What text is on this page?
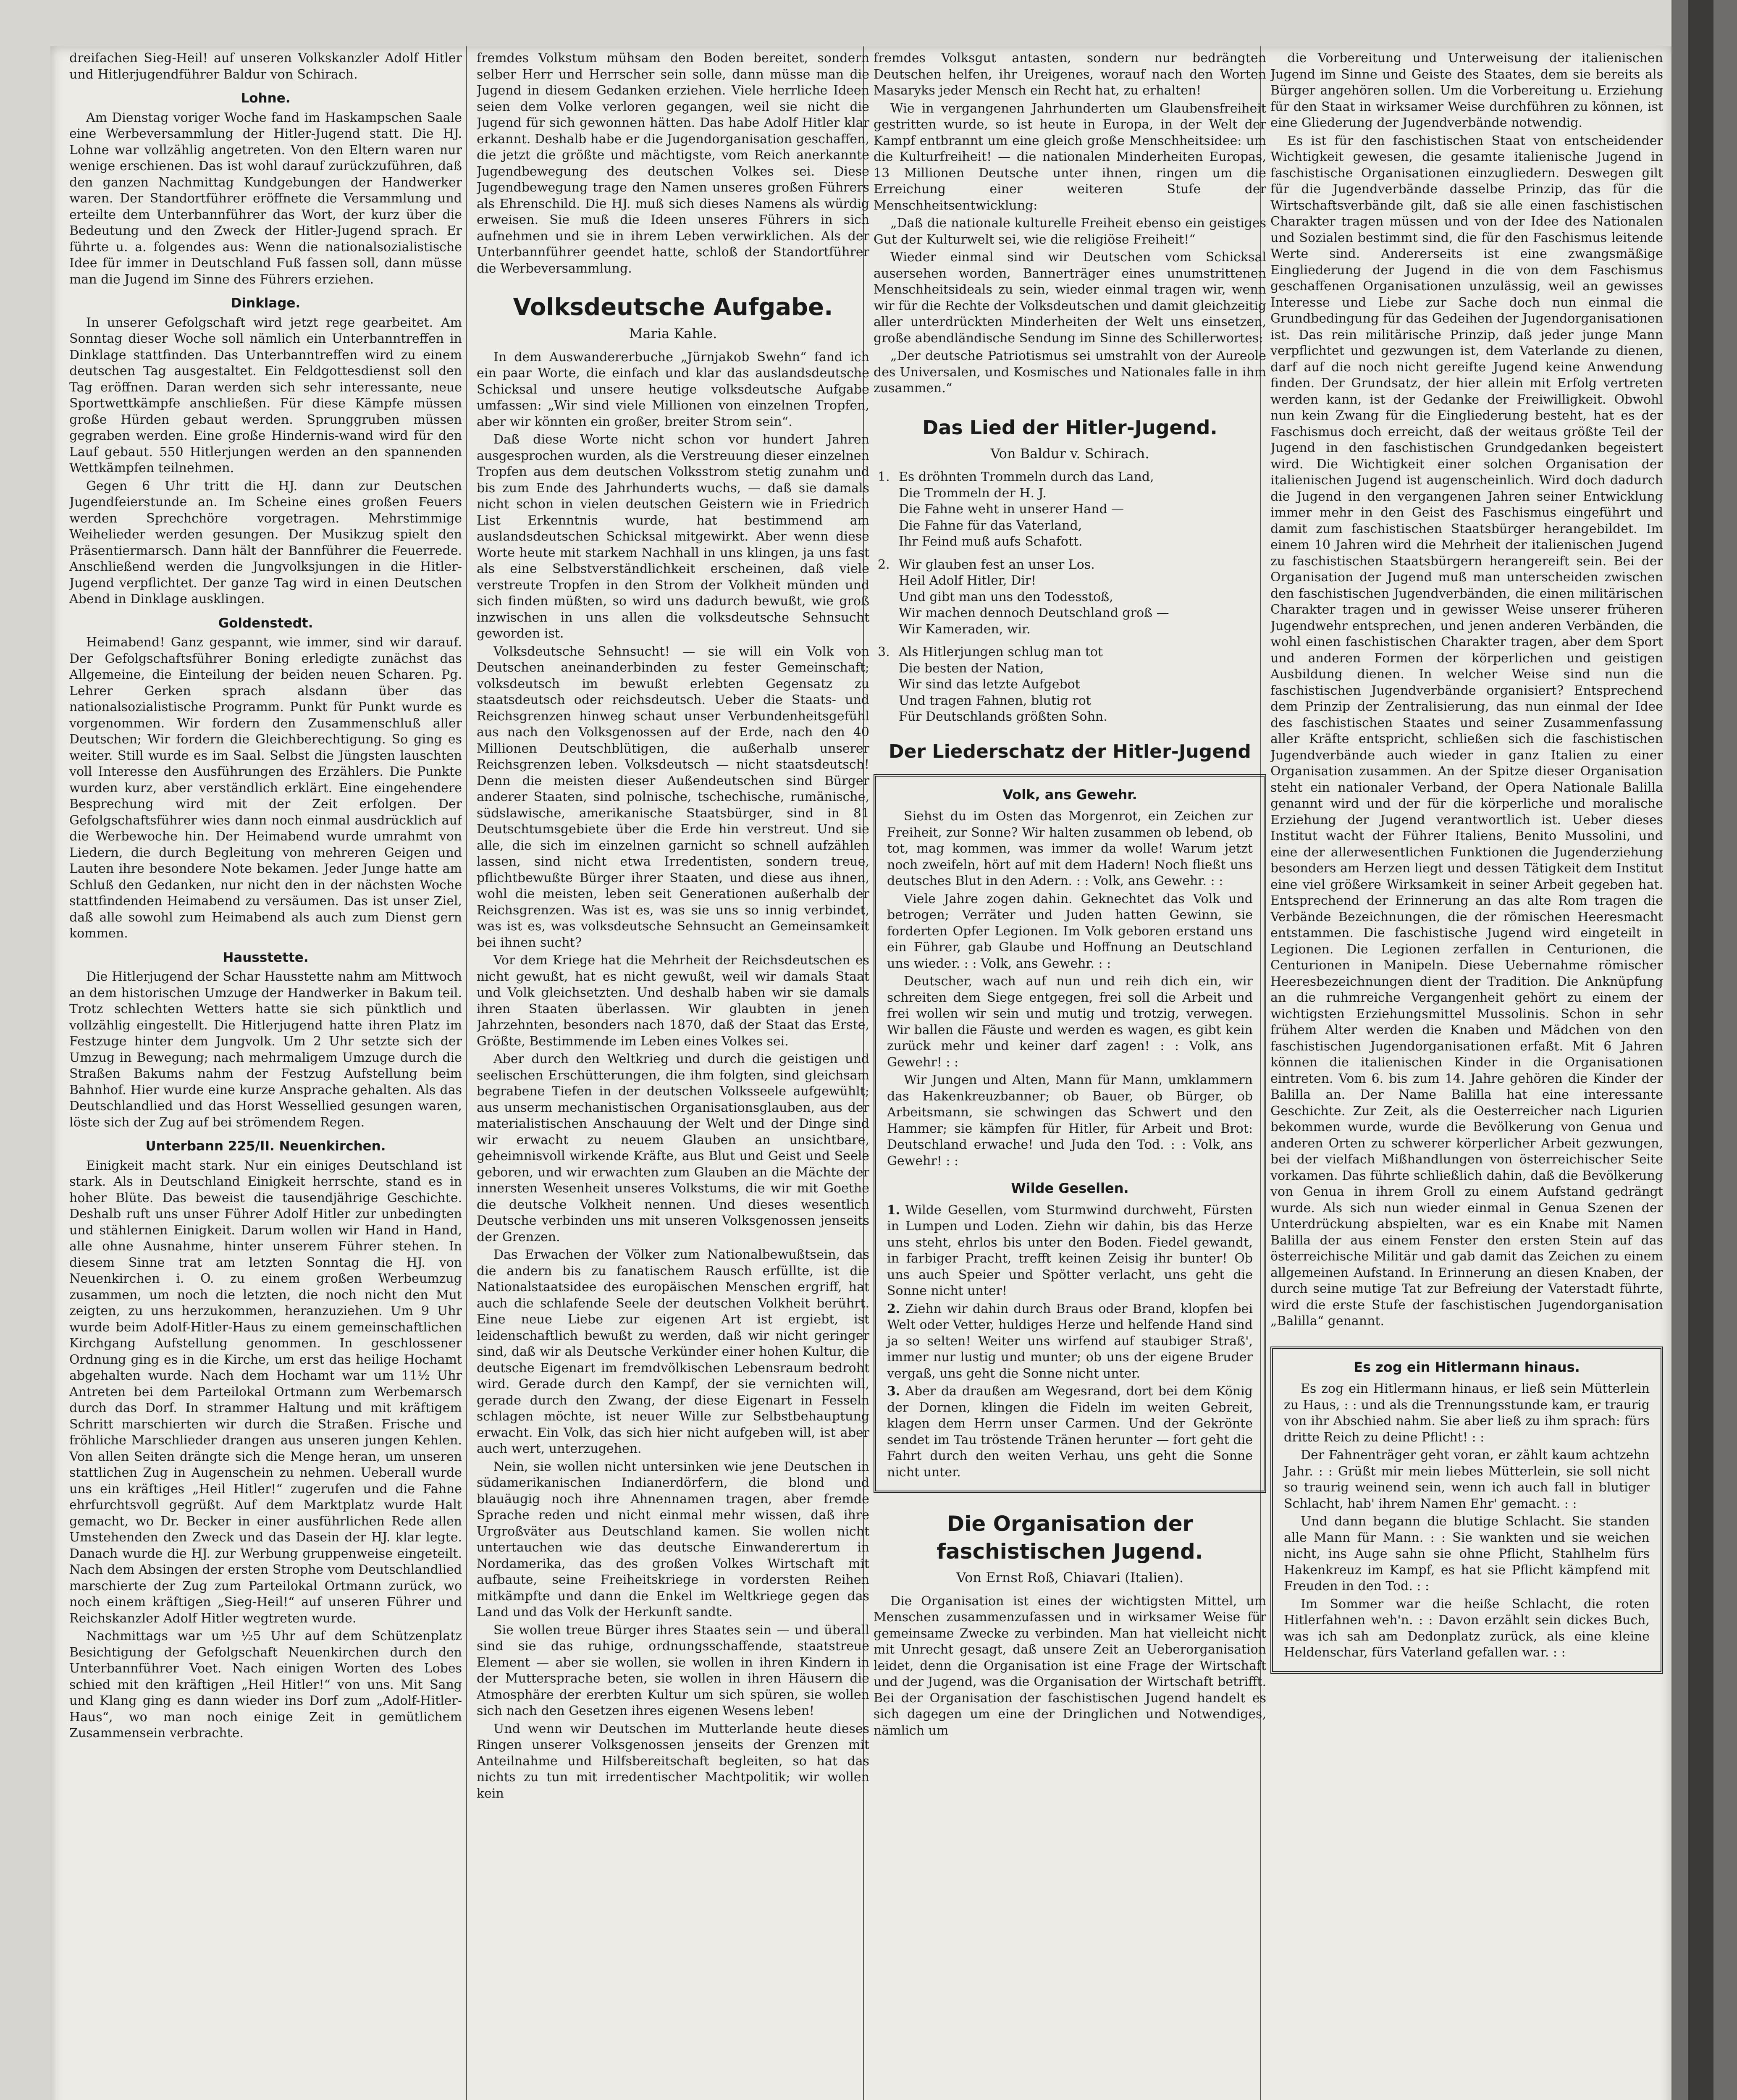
dreifachen Sieg-Heil! auf unseren Volkskanzler Adolf Hitler und Hitlerjugendführer Baldur von Schirach.

Lohne.

Am Dienstag voriger Woche fand im Haskampschen Saale eine Werbeversammlung der Hitler-Jugend statt. Die HJ. Lohne war vollzählig angetreten. Von den Eltern waren nur wenige erschienen. Das ist wohl darauf zurückzuführen, daß den ganzen Nachmittag Kundgebungen der Handwerker waren. Der Standortführer eröffnete die Versammlung und erteilte dem Unterbannführer das Wort, der kurz über die Bedeutung und den Zweck der Hitler-Jugend sprach. Er führte u. a. folgendes aus: Wenn die nationalsozialistische Idee für immer in Deutschland Fuß fassen soll, dann müsse man die Jugend im Sinne des Führers erziehen.

Dinklage.

In unserer Gefolgschaft wird jetzt rege gearbeitet. Am Sonntag dieser Woche soll nämlich ein Unterbanntreffen in Dinklage stattfinden. Das Unterbanntreffen wird zu einem deutschen Tag ausgestaltet. Ein Feldgottesdienst soll den Tag eröffnen. Daran werden sich sehr interessante, neue Sportwettkämpfe anschließen. Für diese Kämpfe müssen große Hürden gebaut werden. Sprunggruben müssen gegraben werden. Eine große Hindernis-wand wird für den Lauf gebaut. 550 Hitlerjungen werden an den spannenden Wettkämpfen teilnehmen.

Gegen 6 Uhr tritt die HJ. dann zur Deutschen Jugendfeierstunde an. Im Scheine eines großen Feuers werden Sprechchöre vorgetragen. Mehrstimmige Weihelieder werden gesungen. Der Musikzug spielt den Präsentiermarsch. Dann hält der Bannführer die Feuerrede. Anschließend werden die Jungvolksjungen in die Hitler-Jugend verpflichtet. Der ganze Tag wird in einen Deutschen Abend in Dinklage ausklingen.

Goldenstedt.

Heimabend! Ganz gespannt, wie immer, sind wir darauf. Der Gefolgschaftsführer Boning erledigte zunächst das Allgemeine, die Einteilung der beiden neuen Scharen. Pg. Lehrer Gerken sprach alsdann über das nationalsozialistische Programm. Punkt für Punkt wurde es vorgenommen. Wir fordern den Zusammenschluß aller Deutschen; Wir fordern die Gleichberechtigung. So ging es weiter. Still wurde es im Saal. Selbst die Jüngsten lauschten voll Interesse den Ausführungen des Erzählers. Die Punkte wurden kurz, aber verständlich erklärt. Eine eingehendere Besprechung wird mit der Zeit erfolgen. Der Gefolgschaftsführer wies dann noch einmal ausdrücklich auf die Werbewoche hin. Der Heimabend wurde umrahmt von Liedern, die durch Begleitung von mehreren Geigen und Lauten ihre besondere Note bekamen. Jeder Junge hatte am Schluß den Gedanken, nur nicht den in der nächsten Woche stattfindenden Heimabend zu versäumen. Das ist unser Ziel, daß alle sowohl zum Heimabend als auch zum Dienst gern kommen.

Hausstette.

Die Hitlerjugend der Schar Hausstette nahm am Mittwoch an dem historischen Umzuge der Handwerker in Bakum teil. Trotz schlechten Wetters hatte sie sich pünktlich und vollzählig eingestellt. Die Hitlerjugend hatte ihren Platz im Festzuge hinter dem Jungvolk. Um 2 Uhr setzte sich der Umzug in Bewegung; nach mehrmaligem Umzuge durch die Straßen Bakums nahm der Festzug Aufstellung beim Bahnhof. Hier wurde eine kurze Ansprache gehalten. Als das Deutschlandlied und das Horst Wessellied gesungen waren, löste sich der Zug auf bei strömendem Regen.

Unterbann 225/II. Neuenkirchen.

Einigkeit macht stark. Nur ein einiges Deutschland ist stark. Als in Deutschland Einigkeit herrschte, stand es in hoher Blüte. Das beweist die tausendjährige Geschichte. Deshalb ruft uns unser Führer Adolf Hitler zur unbedingten und stählernen Einigkeit. Darum wollen wir Hand in Hand, alle ohne Ausnahme, hinter unserem Führer stehen. In diesem Sinne trat am letzten Sonntag die HJ. von Neuenkirchen i. O. zu einem großen Werbeumzug zusammen, um noch die letzten, die noch nicht den Mut zeigten, zu uns herzukommen, heranzuziehen. Um 9 Uhr wurde beim Adolf-Hitler-Haus zu einem gemeinschaftlichen Kirchgang Aufstellung genommen. In geschlossener Ordnung ging es in die Kirche, um erst das heilige Hochamt abgehalten wurde. Nach dem Hochamt war um 11½ Uhr Antreten bei dem Parteilokal Ortmann zum Werbemarsch durch das Dorf. In strammer Haltung und mit kräftigem Schritt marschierten wir durch die Straßen. Frische und fröhliche Marschlieder drangen aus unseren jungen Kehlen. Von allen Seiten drängte sich die Menge heran, um unseren stattlichen Zug in Augenschein zu nehmen. Ueberall wurde uns ein kräftiges „Heil Hitler!“ zugerufen und die Fahne ehrfurchtsvoll gegrüßt. Auf dem Marktplatz wurde Halt gemacht, wo Dr. Becker in einer ausführlichen Rede allen Umstehenden den Zweck und das Dasein der HJ. klar legte. Danach wurde die HJ. zur Werbung gruppenweise eingeteilt. Nach dem Absingen der ersten Strophe vom Deutschlandlied marschierte der Zug zum Parteilokal Ortmann zurück, wo noch einem kräftigen „Sieg-Heil!“ auf unseren Führer und Reichskanzler Adolf Hitler wegtreten wurde.

Nachmittags war um ½5 Uhr auf dem Schützenplatz Besichtigung der Gefolgschaft Neuenkirchen durch den Unterbannführer Voet. Nach einigen Worten des Lobes schied mit den kräftigen „Heil Hitler!“ von uns. Mit Sang und Klang ging es dann wieder ins Dorf zum „Adolf-Hitler-Haus“, wo man noch einige Zeit in gemütlichem Zusammensein verbrachte.

fremdes Volkstum mühsam den Boden bereitet, sondern selber Herr und Herrscher sein solle, dann müsse man die Jugend in diesem Gedanken erziehen. Viele herrliche Ideen seien dem Volke verloren gegangen, weil sie nicht die Jugend für sich gewonnen hätten. Das habe Adolf Hitler klar erkannt. Deshalb habe er die Jugendorganisation geschaffen, die jetzt die größte und mächtigste, vom Reich anerkannte Jugendbewegung des deutschen Volkes sei. Diese Jugendbewegung trage den Namen unseres großen Führers als Ehrenschild. Die HJ. muß sich dieses Namens als würdig erweisen. Sie muß die Ideen unseres Führers in sich aufnehmen und sie in ihrem Leben verwirklichen. Als der Unterbannführer geendet hatte, schloß der Standortführer die Werbeversammlung.

Volksdeutsche Aufgabe.
Maria Kahle.

In dem Auswandererbuche „Jürnjakob Swehn“ fand ich ein paar Worte, die einfach und klar das auslandsdeutsche Schicksal und unsere heutige volksdeutsche Aufgabe umfassen: „Wir sind viele Millionen von einzelnen Tropfen, aber wir könnten ein großer, breiter Strom sein“.

Daß diese Worte nicht schon vor hundert Jahren ausgesprochen wurden, als die Verstreuung dieser einzelnen Tropfen aus dem deutschen Volksstrom stetig zunahm und bis zum Ende des Jahrhunderts wuchs, — daß sie damals nicht schon in vielen deutschen Geistern wie in Friedrich List Erkenntnis wurde, hat bestimmend am auslandsdeutschen Schicksal mitgewirkt. Aber wenn diese Worte heute mit starkem Nachhall in uns klingen, ja uns fast als eine Selbstverständlichkeit erscheinen, daß viele verstreute Tropfen in den Strom der Volkheit münden und sich finden müßten, so wird uns dadurch bewußt, wie groß inzwischen in uns allen die volksdeutsche Sehnsucht geworden ist.

Volksdeutsche Sehnsucht! — sie will ein Volk von Deutschen aneinanderbinden zu fester Gemeinschaft; volksdeutsch im bewußt erlebten Gegensatz zu staatsdeutsch oder reichsdeutsch. Ueber die Staats- und Reichsgrenzen hinweg schaut unser Verbundenheitsgefühl aus nach den Volksgenossen auf der Erde, nach den 40 Millionen Deutschblütigen, die außerhalb unserer Reichsgrenzen leben. Volksdeutsch — nicht staatsdeutsch! Denn die meisten dieser Außendeutschen sind Bürger anderer Staaten, sind polnische, tschechische, rumänische, südslawische, amerikanische Staatsbürger, sind in 81 Deutschtumsgebiete über die Erde hin verstreut. Und sie alle, die sich im einzelnen garnicht so schnell aufzählen lassen, sind nicht etwa Irredentisten, sondern treue, pflichtbewußte Bürger ihrer Staaten, und diese aus ihnen, wohl die meisten, leben seit Generationen außerhalb der Reichsgrenzen. Was ist es, was sie uns so innig verbindet, was ist es, was volksdeutsche Sehnsucht an Gemeinsamkeit bei ihnen sucht?

Vor dem Kriege hat die Mehrheit der Reichsdeutschen es nicht gewußt, hat es nicht gewußt, weil wir damals Staat und Volk gleichsetzten. Und deshalb haben wir sie damals ihren Staaten überlassen. Wir glaubten in jenen Jahrzehnten, besonders nach 1870, daß der Staat das Erste, Größte, Bestimmende im Leben eines Volkes sei.

Aber durch den Weltkrieg und durch die geistigen und seelischen Erschütterungen, die ihm folgten, sind gleichsam begrabene Tiefen in der deutschen Volksseele aufgewühlt; aus unserm mechanistischen Organisationsglauben, aus der materialistischen Anschauung der Welt und der Dinge sind wir erwacht zu neuem Glauben an unsichtbare, geheimnisvoll wirkende Kräfte, aus Blut und Geist und Seele geboren, und wir erwachten zum Glauben an die Mächte der innersten Wesenheit unseres Volkstums, die wir mit Goethe die deutsche Volkheit nennen. Und dieses wesentlich Deutsche verbinden uns mit unseren Volksgenossen jenseits der Grenzen.

Das Erwachen der Völker zum Nationalbewußtsein, das die andern bis zu fanatischem Rausch erfüllte, ist die Nationalstaatsidee des europäischen Menschen ergriff, hat auch die schlafende Seele der deutschen Volkheit berührt. Eine neue Liebe zur eigenen Art ist ergiebt, ist leidenschaftlich bewußt zu werden, daß wir nicht geringer sind, daß wir als Deutsche Verkünder einer hohen Kultur, die deutsche Eigenart im fremdvölkischen Lebensraum bedroht wird. Gerade durch den Kampf, der sie vernichten will, gerade durch den Zwang, der diese Eigenart in Fesseln schlagen möchte, ist neuer Wille zur Selbstbehauptung erwacht. Ein Volk, das sich hier nicht aufgeben will, ist aber auch wert, unterzugehen.

Nein, sie wollen nicht untersinken wie jene Deutschen in südamerikanischen Indianerdörfern, die blond und blauäugig noch ihre Ahnennamen tragen, aber fremde Sprache reden und nicht einmal mehr wissen, daß ihre Urgroßväter aus Deutschland kamen. Sie wollen nicht untertauchen wie das deutsche Einwanderertum in Nordamerika, das des großen Volkes Wirtschaft mit aufbaute, seine Freiheitskriege in vordersten Reihen mitkämpfte und dann die Enkel im Weltkriege gegen das Land und das Volk der Herkunft sandte.

Sie wollen treue Bürger ihres Staates sein — und überall sind sie das ruhige, ordnungsschaffende, staatstreue Element — aber sie wollen, sie wollen in ihren Kindern in der Muttersprache beten, sie wollen in ihren Häusern die Atmosphäre der ererbten Kultur um sich spüren, sie wollen sich nach den Gesetzen ihres eigenen Wesens leben!

Und wenn wir Deutschen im Mutterlande heute dieses Ringen unserer Volksgenossen jenseits der Grenzen mit Anteilnahme und Hilfsbereitschaft begleiten, so hat das nichts zu tun mit irredentischer Machtpolitik; wir wollen kein

fremdes Volksgut antasten, sondern nur bedrängten Deutschen helfen, ihr Ureigenes, worauf nach den Worten Masaryks jeder Mensch ein Recht hat, zu erhalten!

Wie in vergangenen Jahrhunderten um Glaubensfreiheit gestritten wurde, so ist heute in Europa, in der Welt der Kampf entbrannt um eine gleich große Menschheitsidee: um die Kulturfreiheit! — die nationalen Minderheiten Europas, 13 Millionen Deutsche unter ihnen, ringen um die Erreichung einer weiteren Stufe der Menschheitsentwicklung:

„Daß die nationale kulturelle Freiheit ebenso ein geistiges Gut der Kulturwelt sei, wie die religiöse Freiheit!“

Wieder einmal sind wir Deutschen vom Schicksal ausersehen worden, Bannerträger eines unumstrittenen Menschheitsideals zu sein, wieder einmal tragen wir, wenn wir für die Rechte der Volksdeutschen und damit gleichzeitig aller unterdrückten Minderheiten der Welt uns einsetzen, große abendländische Sendung im Sinne des Schillerwortes:

„Der deutsche Patriotismus sei umstrahlt von der Aureole des Universalen, und Kosmisches und Nationales falle in ihm zusammen.“

Das Lied der Hitler-Jugend.
Von Baldur v. Schirach.

1. Es dröhnten Trommeln durch das Land,

Die Trommeln der H. J.

Die Fahne weht in unserer Hand —

Die Fahne für das Vaterland,

Ihr Feind muß aufs Schafott.

2. Wir glauben fest an unser Los.

Heil Adolf Hitler, Dir!

Und gibt man uns den Todesstoß,

Wir machen dennoch Deutschland groß —

Wir Kameraden, wir.

3. Als Hitlerjungen schlug man tot

Die besten der Nation,

Wir sind das letzte Aufgebot

Und tragen Fahnen, blutig rot

Für Deutschlands größten Sohn.

Der Liederschatz der Hitler-Jugend
Volk, ans Gewehr.

Siehst du im Osten das Morgenrot, ein Zeichen zur Freiheit, zur Sonne? Wir halten zusammen ob lebend, ob tot, mag kommen, was immer da wolle! Warum jetzt noch zweifeln, hört auf mit dem Hadern! Noch fließt uns deutsches Blut in den Adern. : : Volk, ans Gewehr. : :

Viele Jahre zogen dahin. Geknechtet das Volk und betrogen; Verräter und Juden hatten Gewinn, sie forderten Opfer Legionen. Im Volk geboren erstand uns ein Führer, gab Glaube und Hoffnung an Deutschland uns wieder. : : Volk, ans Gewehr. : :

Deutscher, wach auf nun und reih dich ein, wir schreiten dem Siege entgegen, frei soll die Arbeit und frei wollen wir sein und mutig und trotzig, verwegen. Wir ballen die Fäuste und werden es wagen, es gibt kein zurück mehr und keiner darf zagen! : : Volk, ans Gewehr! : :

Wir Jungen und Alten, Mann für Mann, umklammern das Hakenkreuzbanner; ob Bauer, ob Bürger, ob Arbeitsmann, sie schwingen das Schwert und den Hammer; sie kämpfen für Hitler, für Arbeit und Brot: Deutschland erwache! und Juda den Tod. : : Volk, ans Gewehr! : :

Wilde Gesellen.

1. Wilde Gesellen, vom Sturmwind durchweht, Fürsten in Lumpen und Loden. Ziehn wir dahin, bis das Herze uns steht, ehrlos bis unter den Boden. Fiedel gewandt, in farbiger Pracht, trefft keinen Zeisig ihr bunter! Ob uns auch Speier und Spötter verlacht, uns geht die Sonne nicht unter!

2. Ziehn wir dahin durch Braus oder Brand, klopfen bei Welt oder Vetter, huldiges Herze und helfende Hand sind ja so selten! Weiter uns wirfend auf staubiger Straß', immer nur lustig und munter; ob uns der eigene Bruder vergaß, uns geht die Sonne nicht unter.

3. Aber da draußen am Wegesrand, dort bei dem König der Dornen, klingen die Fideln im weiten Gebreit, klagen dem Herrn unser Carmen. Und der Gekrönte sendet im Tau tröstende Tränen herunter — fort geht die Fahrt durch den weiten Verhau, uns geht die Sonne nicht unter.

Die Organisation der faschistischen Jugend.
Von Ernst Roß, Chiavari (Italien).

Die Organisation ist eines der wichtigsten Mittel, um Menschen zusammenzufassen und in wirksamer Weise für gemeinsame Zwecke zu verbinden. Man hat vielleicht nicht mit Unrecht gesagt, daß unsere Zeit an Ueberorganisation leidet, denn die Organisation ist eine Frage der Wirtschaft und der Jugend, was die Organisation der Wirtschaft betrifft. Bei der Organisation der faschistischen Jugend handelt es sich dagegen um eine der Dringlichen und Notwendiges, nämlich um

die Vorbereitung und Unterweisung der italienischen Jugend im Sinne und Geiste des Staates, dem sie bereits als Bürger angehören sollen. Um die Vorbereitung u. Erziehung für den Staat in wirksamer Weise durchführen zu können, ist eine Gliederung der Jugendverbände notwendig.

Es ist für den faschistischen Staat von entscheidender Wichtigkeit gewesen, die gesamte italienische Jugend in faschistische Organisationen einzugliedern. Deswegen gilt für die Jugendverbände dasselbe Prinzip, das für die Wirtschaftsverbände gilt, daß sie alle einen faschistischen Charakter tragen müssen und von der Idee des Nationalen und Sozialen bestimmt sind, die für den Faschismus leitende Werte sind. Andererseits ist eine zwangsmäßige Eingliederung der Jugend in die von dem Faschismus geschaffenen Organisationen unzulässig, weil an gewisses Interesse und Liebe zur Sache doch nun einmal die Grundbedingung für das Gedeihen der Jugendorganisationen ist. Das rein militärische Prinzip, daß jeder junge Mann verpflichtet und gezwungen ist, dem Vaterlande zu dienen, darf auf die noch nicht gereifte Jugend keine Anwendung finden. Der Grundsatz, der hier allein mit Erfolg vertreten werden kann, ist der Gedanke der Freiwilligkeit. Obwohl nun kein Zwang für die Eingliederung besteht, hat es der Faschismus doch erreicht, daß der weitaus größte Teil der Jugend in den faschistischen Grundgedanken begeistert wird. Die Wichtigkeit einer solchen Organisation der italienischen Jugend ist augenscheinlich. Wird doch dadurch die Jugend in den vergangenen Jahren seiner Entwicklung immer mehr in den Geist des Faschismus eingeführt und damit zum faschistischen Staatsbürger herangebildet. Im einem 10 Jahren wird die Mehrheit der italienischen Jugend zu faschistischen Staatsbürgern herangereift sein. Bei der Organisation der Jugend muß man unterscheiden zwischen den faschistischen Jugendverbänden, die einen militärischen Charakter tragen und in gewisser Weise unserer früheren Jugendwehr entsprechen, und jenen anderen Verbänden, die wohl einen faschistischen Charakter tragen, aber dem Sport und anderen Formen der körperlichen und geistigen Ausbildung dienen. In welcher Weise sind nun die faschistischen Jugendverbände organisiert? Entsprechend dem Prinzip der Zentralisierung, das nun einmal der Idee des faschistischen Staates und seiner Zusammenfassung aller Kräfte entspricht, schließen sich die faschistischen Jugendverbände auch wieder in ganz Italien zu einer Organisation zusammen. An der Spitze dieser Organisation steht ein nationaler Verband, der Opera Nationale Balilla genannt wird und der für die körperliche und moralische Erziehung der Jugend verantwortlich ist. Ueber dieses Institut wacht der Führer Italiens, Benito Mussolini, und eine der allerwesentlichen Funktionen die Jugenderziehung besonders am Herzen liegt und dessen Tätigkeit dem Institut eine viel größere Wirksamkeit in seiner Arbeit gegeben hat. Entsprechend der Erinnerung an das alte Rom tragen die Verbände Bezeichnungen, die der römischen Heeresmacht entstammen. Die faschistische Jugend wird eingeteilt in Legionen. Die Legionen zerfallen in Centurionen, die Centurionen in Manipeln. Diese Uebernahme römischer Heeresbezeichnungen dient der Tradition. Die Anknüpfung an die ruhmreiche Vergangenheit gehört zu einem der wichtigsten Erziehungsmittel Mussolinis. Schon in sehr frühem Alter werden die Knaben und Mädchen von den faschistischen Jugendorganisationen erfaßt. Mit 6 Jahren können die italienischen Kinder in die Organisationen eintreten. Vom 6. bis zum 14. Jahre gehören die Kinder der Balilla an. Der Name Balilla hat eine interessante Geschichte. Zur Zeit, als die Oesterreicher nach Ligurien bekommen wurde, wurde die Bevölkerung von Genua und anderen Orten zu schwerer körperlicher Arbeit gezwungen, bei der vielfach Mißhandlungen von österreichischer Seite vorkamen. Das führte schließlich dahin, daß die Bevölkerung von Genua in ihrem Groll zu einem Aufstand gedrängt wurde. Als sich nun wieder einmal in Genua Szenen der Unterdrückung abspielten, war es ein Knabe mit Namen Balilla der aus einem Fenster den ersten Stein auf das österreichische Militär und gab damit das Zeichen zu einem allgemeinen Aufstand. In Erinnerung an diesen Knaben, der durch seine mutige Tat zur Befreiung der Vaterstadt führte, wird die erste Stufe der faschistischen Jugendorganisation „Balilla“ genannt.

Es zog ein Hitlermann hinaus.

Es zog ein Hitlermann hinaus, er ließ sein Mütterlein zu Haus, : : und als die Trennungsstunde kam, er traurig von ihr Abschied nahm. Sie aber ließ zu ihm sprach: fürs dritte Reich zu deine Pflicht! : :

Der Fahnenträger geht voran, er zählt kaum achtzehn Jahr. : : Grüßt mir mein liebes Mütterlein, sie soll nicht so traurig weinend sein, wenn ich auch fall in blutiger Schlacht, hab' ihrem Namen Ehr' gemacht. : :

Und dann begann die blutige Schlacht. Sie standen alle Mann für Mann. : : Sie wankten und sie weichen nicht, ins Auge sahn sie ohne Pflicht, Stahlhelm fürs Hakenkreuz im Kampf, es hat sie Pflicht kämpfend mit Freuden in den Tod. : :

Im Sommer war die heiße Schlacht, die roten Hitlerfahnen weh'n. : : Davon erzählt sein dickes Buch, was ich sah am Dedonplatz zurück, als eine kleine Heldenschar, fürs Vaterland gefallen war. : :
